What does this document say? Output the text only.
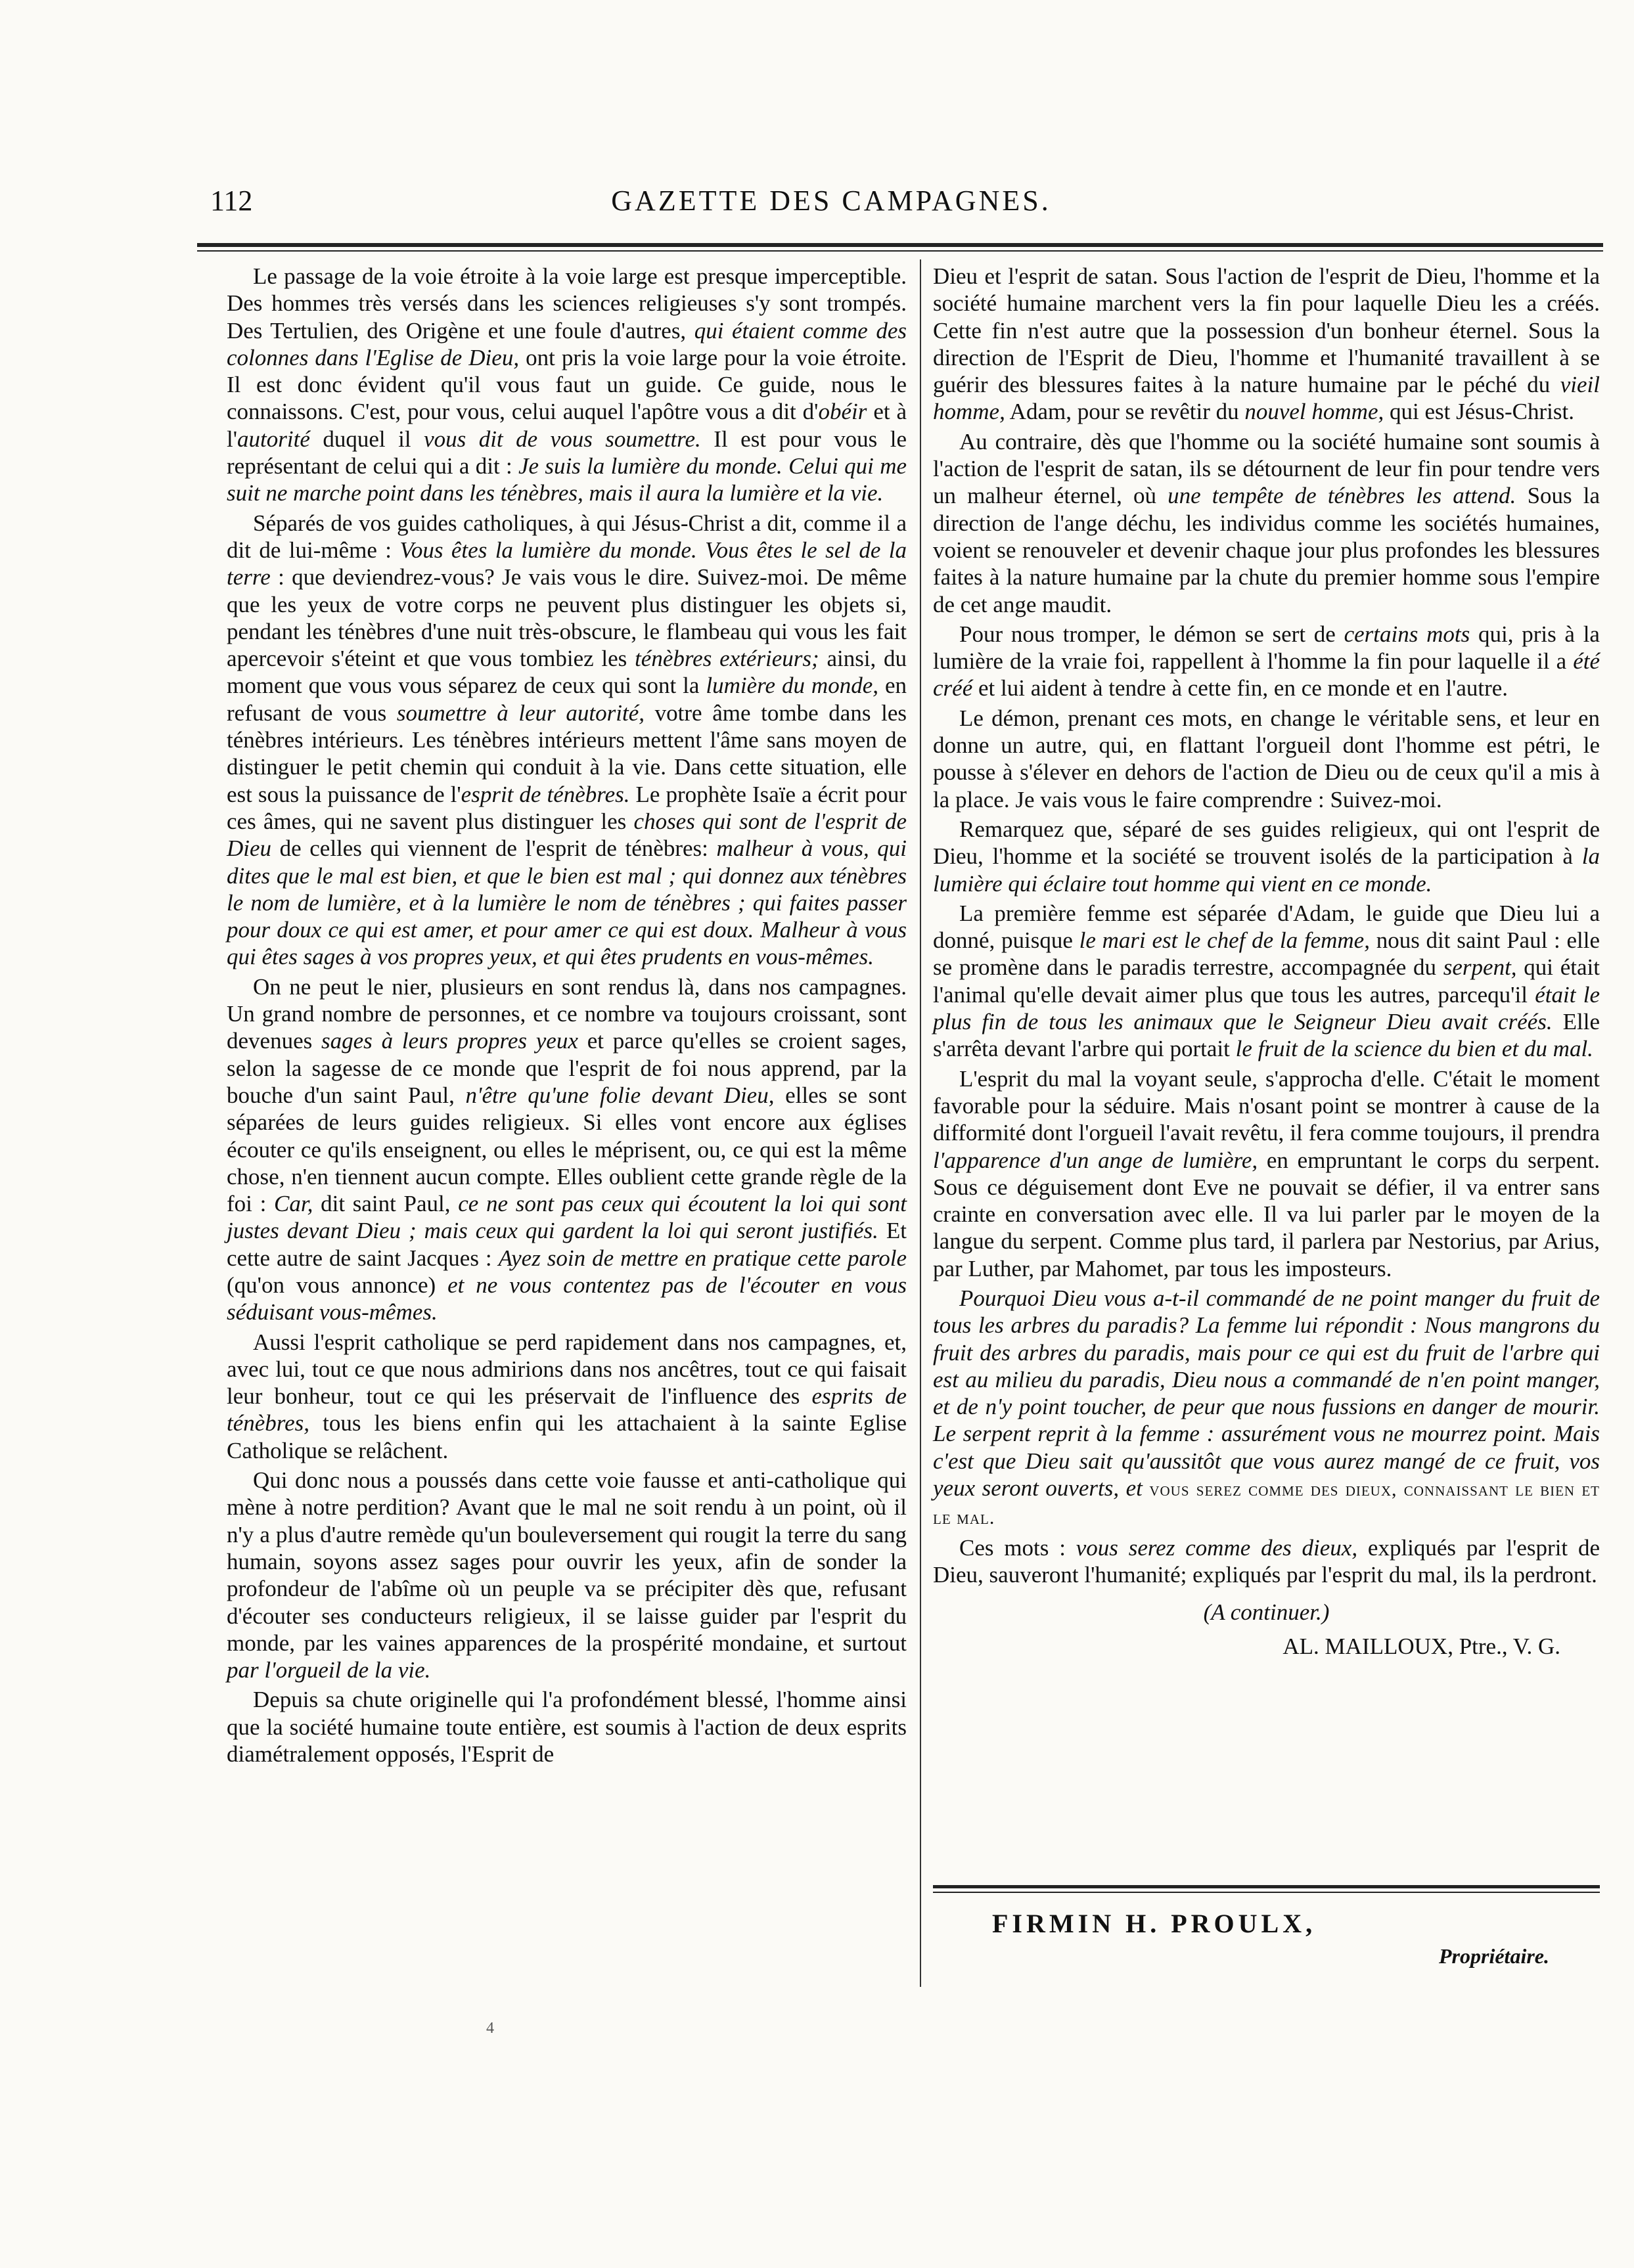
112	GAZETTE DES CAMPAGNES.

Le passage de la voie étroite à la voie large est presque imperceptible. Des hommes très versés dans les sciences religieuses s'y sont trompés. Des Tertulien, des Origène et une foule d'autres, qui étaient comme des colonnes dans l'Eglise de Dieu, ont pris la voie large pour la voie étroite. Il est donc évident qu'il vous faut un guide. Ce guide, nous le connaissons. C'est, pour vous, celui auquel l'apôtre vous a dit d'obéir et à l'autorité duquel il vous dit de vous soumettre. Il est pour vous le représentant de celui qui a dit : Je suis la lumière du monde. Celui qui me suit ne marche point dans les ténèbres, mais il aura la lumière et la vie.

Séparés de vos guides catholiques, à qui Jésus-Christ a dit, comme il a dit de lui-même : Vous êtes la lumière du monde. Vous êtes le sel de la terre : que deviendrez-vous? Je vais vous le dire. Suivez-moi. De même que les yeux de votre corps ne peuvent plus distinguer les objets si, pendant les ténèbres d'une nuit très-obscure, le flambeau qui vous les fait apercevoir s'éteint et que vous tombiez les ténèbres extérieurs; ainsi, du moment que vous vous séparez de ceux qui sont la lumière du monde, en refusant de vous soumettre à leur autorité, votre âme tombe dans les ténèbres intérieurs. Les ténèbres intérieurs mettent l'âme sans moyen de distinguer le petit chemin qui conduit à la vie. Dans cette situation, elle est sous la puissance de l'esprit de ténèbres. Le prophète Isaïe a écrit pour ces âmes, qui ne savent plus distinguer les choses qui sont de l'esprit de Dieu de celles qui viennent de l'esprit de ténèbres: malheur à vous, qui dites que le mal est bien, et que le bien est mal ; qui donnez aux ténèbres le nom de lumière, et à la lumière le nom de ténèbres ; qui faites passer pour doux ce qui est amer, et pour amer ce qui est doux. Malheur à vous qui êtes sages à vos propres yeux, et qui êtes prudents en vous-mêmes.

On ne peut le nier, plusieurs en sont rendus là, dans nos campagnes. Un grand nombre de personnes, et ce nombre va toujours croissant, sont devenues sages à leurs propres yeux et parce qu'elles se croient sages, selon la sagesse de ce monde que l'esprit de foi nous apprend, par la bouche d'un saint Paul, n'être qu'une folie devant Dieu, elles se sont séparées de leurs guides religieux. Si elles vont encore aux églises écouter ce qu'ils enseignent, ou elles le méprisent, ou, ce qui est la même chose, n'en tiennent aucun compte. Elles oublient cette grande règle de la foi : Car, dit saint Paul, ce ne sont pas ceux qui écoutent la loi qui sont justes devant Dieu ; mais ceux qui gardent la loi qui seront justifiés. Et cette autre de saint Jacques : Ayez soin de mettre en pratique cette parole (qu'on vous annonce) et ne vous contentez pas de l'écouter en vous séduisant vous-mêmes.

Aussi l'esprit catholique se perd rapidement dans nos campagnes, et, avec lui, tout ce que nous admirions dans nos ancêtres, tout ce qui faisait leur bonheur, tout ce qui les préservait de l'influence des esprits de ténèbres, tous les biens enfin qui les attachaient à la sainte Eglise Catholique se relâchent.

Qui donc nous a poussés dans cette voie fausse et anti-catholique qui mène à notre perdition? Avant que le mal ne soit rendu à un point, où il n'y a plus d'autre remède qu'un bouleversement qui rougit la terre du sang humain, soyons assez sages pour ouvrir les yeux, afin de sonder la profondeur de l'abîme où un peuple va se précipiter dès que, refusant d'écouter ses conducteurs religieux, il se laisse guider par l'esprit du monde, par les vaines apparences de la prospérité mondaine, et surtout par l'orgueil de la vie.

Depuis sa chute originelle qui l'a profondément blessé, l'homme ainsi que la société humaine toute entière, est soumis à l'action de deux esprits diamétralement opposés, l'Esprit de

Dieu et l'esprit de satan. Sous l'action de l'esprit de Dieu, l'homme et la société humaine marchent vers la fin pour laquelle Dieu les a créés. Cette fin n'est autre que la possession d'un bonheur éternel. Sous la direction de l'Esprit de Dieu, l'homme et l'humanité travaillent à se guérir des blessures faites à la nature humaine par le péché du vieil homme, Adam, pour se revêtir du nouvel homme, qui est Jésus-Christ.

Au contraire, dès que l'homme ou la société humaine sont soumis à l'action de l'esprit de satan, ils se détournent de leur fin pour tendre vers un malheur éternel, où une tempête de ténèbres les attend. Sous la direction de l'ange déchu, les individus comme les sociétés humaines, voient se renouveler et devenir chaque jour plus profondes les blessures faites à la nature humaine par la chute du premier homme sous l'empire de cet ange maudit.

Pour nous tromper, le démon se sert de certains mots qui, pris à la lumière de la vraie foi, rappellent à l'homme la fin pour laquelle il a été créé et lui aident à tendre à cette fin, en ce monde et en l'autre.

Le démon, prenant ces mots, en change le véritable sens, et leur en donne un autre, qui, en flattant l'orgueil dont l'homme est pétri, le pousse à s'élever en dehors de l'action de Dieu ou de ceux qu'il a mis à la place. Je vais vous le faire comprendre : Suivez-moi.

Remarquez que, séparé de ses guides religieux, qui ont l'esprit de Dieu, l'homme et la société se trouvent isolés de la participation à la lumière qui éclaire tout homme qui vient en ce monde.

La première femme est séparée d'Adam, le guide que Dieu lui a donné, puisque le mari est le chef de la femme, nous dit saint Paul : elle se promène dans le paradis terrestre, accompagnée du serpent, qui était l'animal qu'elle devait aimer plus que tous les autres, parcequ'il était le plus fin de tous les animaux que le Seigneur Dieu avait créés. Elle s'arrêta devant l'arbre qui portait le fruit de la science du bien et du mal.

L'esprit du mal la voyant seule, s'approcha d'elle. C'était le moment favorable pour la séduire. Mais n'osant point se montrer à cause de la difformité dont l'orgueil l'avait revêtu, il fera comme toujours, il prendra l'apparence d'un ange de lumière, en empruntant le corps du serpent. Sous ce déguisement dont Eve ne pouvait se défier, il va entrer sans crainte en conversation avec elle. Il va lui parler par le moyen de la langue du serpent. Comme plus tard, il parlera par Nestorius, par Arius, par Luther, par Mahomet, par tous les imposteurs.

Pourquoi Dieu vous a-t-il commandé de ne point manger du fruit de tous les arbres du paradis? La femme lui répondit : Nous mangrons du fruit des arbres du paradis, mais pour ce qui est du fruit de l'arbre qui est au milieu du paradis, Dieu nous a commandé de n'en point manger, et de n'y point toucher, de peur que nous fussions en danger de mourir. Le serpent reprit à la femme : assurément vous ne mourrez point. Mais c'est que Dieu sait qu'aussitôt que vous aurez mangé de ce fruit, vos yeux seront ouverts, et vous serez comme des dieux, connaissant le bien et le mal.

Ces mots : vous serez comme des dieux, expliqués par l'esprit de Dieu, sauveront l'humanité; expliqués par l'esprit du mal, ils la perdront.

(A continuer.)

AL. MAILLOUX, Ptre., V. G.

FIRMIN H. PROULX,
Propriétaire.
4
